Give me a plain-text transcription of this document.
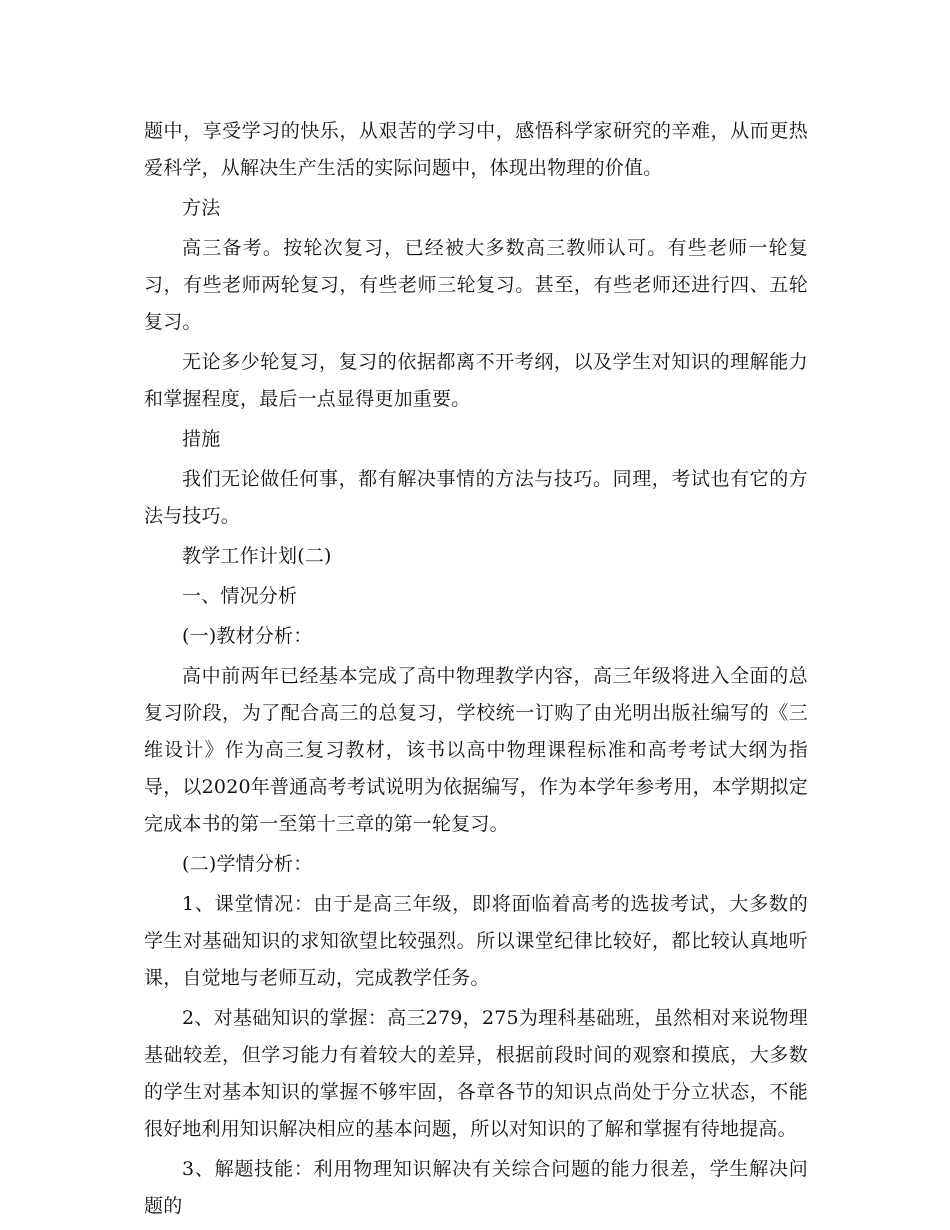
题中，享受学习的快乐，从艰苦的学习中，感悟科学家研究的辛难，从而更热爱科学，从解决生产生活的实际问题中，体现出物理的价值。

方法

高三备考。按轮次复习，已经被大多数高三教师认可。有些老师一轮复习，有些老师两轮复习，有些老师三轮复习。甚至，有些老师还进行四、五轮复习。

无论多少轮复习，复习的依据都离不开考纲，以及学生对知识的理解能力和掌握程度，最后一点显得更加重要。

措施

我们无论做任何事，都有解决事情的方法与技巧。同理，考试也有它的方法与技巧。

教学工作计划(二)

一、情况分析

(一)教材分析：

高中前两年已经基本完成了高中物理教学内容，高三年级将进入全面的总复习阶段，为了配合高三的总复习，学校统一订购了由光明出版社编写的《三维设计》作为高三复习教材，该书以高中物理课程标准和高考考试大纲为指导，以2020年普通高考考试说明为依据编写，作为本学年参考用，本学期拟定完成本书的第一至第十三章的第一轮复习。

(二)学情分析：

1、课堂情况：由于是高三年级，即将面临着高考的选拔考试，大多数的学生对基础知识的求知欲望比较强烈。所以课堂纪律比较好，都比较认真地听课，自觉地与老师互动，完成教学任务。

2、对基础知识的掌握：高三279，275为理科基础班，虽然相对来说物理基础较差，但学习能力有着较大的差异，根据前段时间的观察和摸底，大多数的学生对基本知识的掌握不够牢固，各章各节的知识点尚处于分立状态，不能很好地利用知识解决相应的基本问题，所以对知识的了解和掌握有待地提高。

3、解题技能：利用物理知识解决有关综合问题的能力很差，学生解决问题的
